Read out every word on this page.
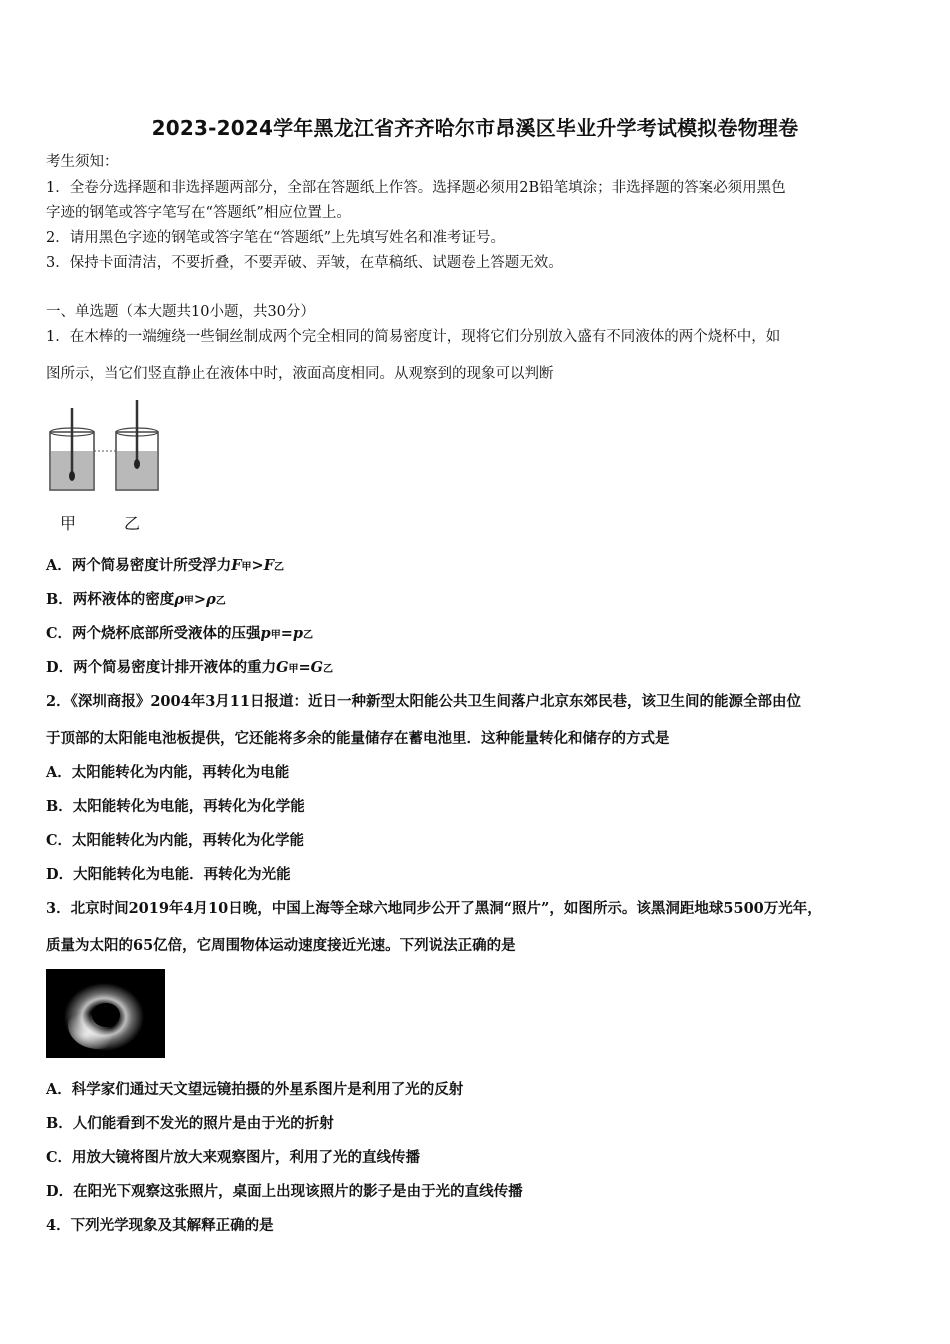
2023-2024学年黑龙江省齐齐哈尔市昂溪区毕业升学考试模拟卷物理卷
考生须知：
1．全卷分选择题和非选择题两部分，全部在答题纸上作答。选择题必须用2B铅笔填涂；非选择题的答案必须用黑色
字迹的钢笔或答字笔写在“答题纸”相应位置上。
2．请用黑色字迹的钢笔或答字笔在“答题纸”上先填写姓名和准考证号。
3．保持卡面清洁，不要折叠，不要弄破、弄皱，在草稿纸、试题卷上答题无效。
一、单选题（本大题共10小题，共30分）
1．在木棒的一端缠绕一些铜丝制成两个完全相同的简易密度计，现将它们分别放入盛有不同液体的两个烧杯中，如
图所示，当它们竖直静止在液体中时，液面高度相同。从观察到的现象可以判断
甲	乙
A．两个简易密度计所受浮力F甲>F乙
B．两杯液体的密度ρ甲>ρ乙
C．两个烧杯底部所受液体的压强p甲=p乙
D．两个简易密度计排开液体的重力G甲=G乙
2．《深圳商报》2004年3月11日报道：近日一种新型太阳能公共卫生间落户北京东郊民巷，该卫生间的能源全部由位
于顶部的太阳能电池板提供，它还能将多余的能量储存在蓄电池里．这种能量转化和储存的方式是
A．太阳能转化为内能，再转化为电能
B．太阳能转化为电能，再转化为化学能
C．太阳能转化为内能，再转化为化学能
D．大阳能转化为电能．再转化为光能
3．北京时间2019年4月10日晚，中国上海等全球六地同步公开了黑洞“照片”，如图所示。该黑洞距地球5500万光年，
质量为太阳的65亿倍，它周围物体运动速度接近光速。下列说法正确的是
A．科学家们通过天文望远镜拍摄的外星系图片是利用了光的反射
B．人们能看到不发光的照片是由于光的折射
C．用放大镜将图片放大来观察图片，利用了光的直线传播
D．在阳光下观察这张照片，桌面上出现该照片的影子是由于光的直线传播
4．下列光学现象及其解释正确的是
